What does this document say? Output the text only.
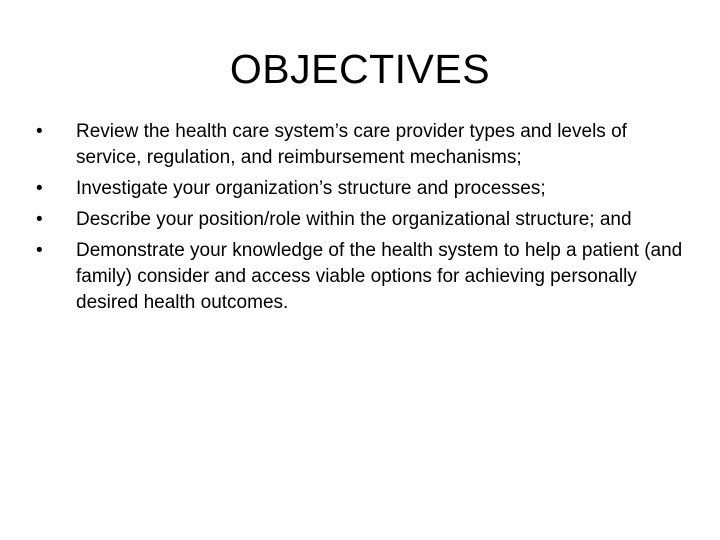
OBJECTIVES
•	Review the health care system’s care provider types and levels of service, regulation, and reimbursement mechanisms;
•	Investigate your organization’s structure and processes;
•	Describe your position/role within the organizational structure; and
•	Demonstrate your knowledge of the health system to help a patient (and family) consider and access viable options for achieving personally desired health outcomes.
